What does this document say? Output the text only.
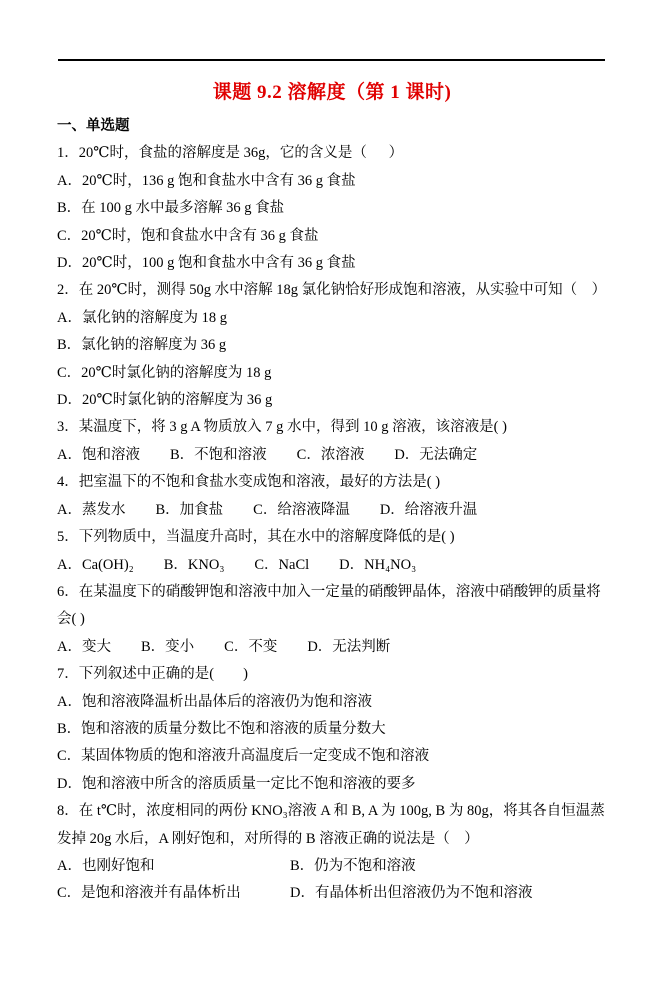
课题 9.2 溶解度（第 1 课时)

一、单选题

1．20℃时，食盐的溶解度是 36g，它的含义是（      ）

A．20℃时，136 g 饱和食盐水中含有 36 g 食盐

B．在 100 g 水中最多溶解 36 g 食盐

C．20℃时，饱和食盐水中含有 36 g 食盐

D．20℃时，100 g 饱和食盐水中含有 36 g 食盐

2．在 20℃时，测得 50g 水中溶解 18g 氯化钠恰好形成饱和溶液，从实验中可知（　）

A．氯化钠的溶解度为 18 g

B．氯化钠的溶解度为 36 g

C．20℃时氯化钠的溶解度为 18 g

D．20℃时氯化钠的溶解度为 36 g

3．某温度下，将 3 g A 物质放入 7 g 水中，得到 10 g 溶液，该溶液是( )

A．饱和溶液 B．不饱和溶液 C．浓溶液 D．无法确定

4．把室温下的不饱和食盐水变成饱和溶液，最好的方法是( )

A．蒸发水 B．加食盐 C．给溶液降温 D．给溶液升温

5．下列物质中，当温度升高时，其在水中的溶解度降低的是( )

A．Ca(OH)₂ B．KNO₃ C．NaCl D．NH₄NO₃

6．在某温度下的硝酸钾饱和溶液中加入一定量的硝酸钾晶体，溶液中硝酸钾的质量将会( )

A．变大 B．变小 C．不变 D．无法判断

7．下列叙述中正确的是(　　)

A．饱和溶液降温析出晶体后的溶液仍为饱和溶液

B．饱和溶液的质量分数比不饱和溶液的质量分数大

C．某固体物质的饱和溶液升高温度后一定变成不饱和溶液

D．饱和溶液中所含的溶质质量一定比不饱和溶液的要多

8．在 t℃时，浓度相同的两份 KNO₃溶液 A 和 B, A 为 100g, B 为 80g，将其各自恒温蒸发掉 20g 水后，A 刚好饱和，对所得的 B 溶液正确的说法是（　）

A．也刚好饱和	B．仍为不饱和溶液

C．是饱和溶液并有晶体析出	D．有晶体析出但溶液仍为不饱和溶液
